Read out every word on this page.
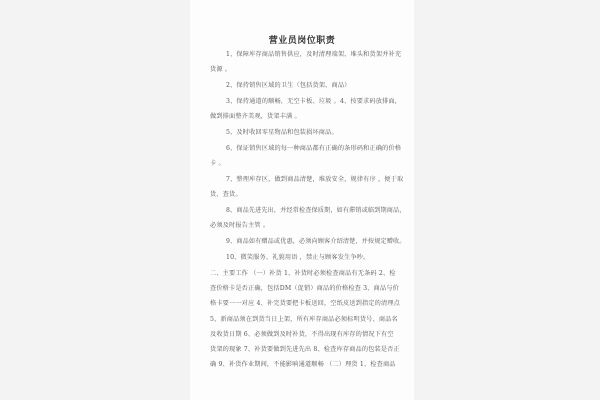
营业员岗位职责
1、保障库存商品销售供应，及时清理端架、堆头和货架并补充
货源 。
2、保持销售区域的卫生（包括货架、商品）
3、保持通道的顺畅，无空卡板、垃圾 。4、按要求码放排面，
做到排面整齐美观，货架丰满 。
5、及时收回零星物品和包装损坏商品。
6、保证销售区域的每一种商品都有正确的条形码和正确的价格
卡 。
7、整理库存区，做到商品清楚，堆放安全，规律有序 ，便于取
货、查货。
8、商品先进先出，并经常检查保质期，如有滞销或临到期商品，
必须及时报告主管 。
9、商品如有赠品或优惠，必须向顾客介绍清楚，并按规定赠收。
10、微笑服务、礼貌用语 ，禁止与顾客发生争吵。
二、主要工作 （一）补货 1、补货时必须检查商品有无条码 2、检
查价格卡是否正确，包括DM（促销）商品的价格检查 3、商品与价
格卡要一一对应 4、补完货要把卡板送回，空纸皮送到指定的清理点
5、新商品须在到货当日上架，所有库存商品必须标明货号、商品名
及收货日期 6、必须做到及时补货，不得出现有库存的情况下有空
货架的现象 7、补货要做到先进先出 8、检查库存商品的包装是否正
确 9、补货作业期间，不能影响通道顺畅 （二）理货 1、检查商品
